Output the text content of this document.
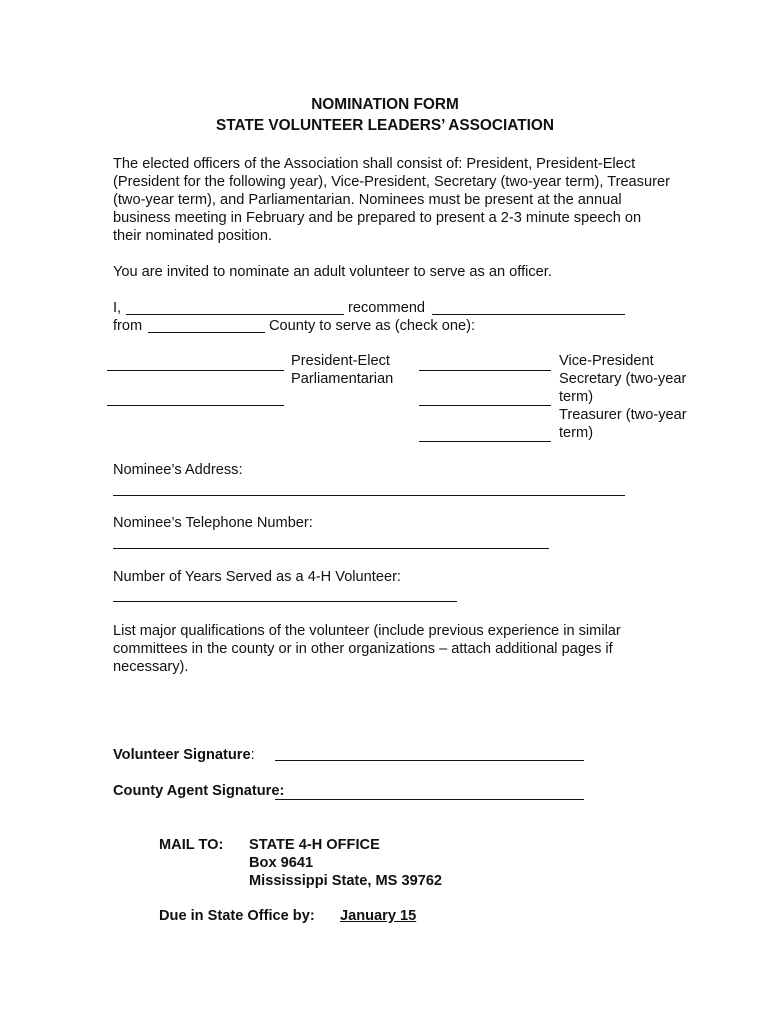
NOMINATION FORM
STATE VOLUNTEER LEADERS’ ASSOCIATION
The elected officers of the Association shall consist of: President, President-Elect (President for the following year), Vice-President, Secretary (two-year term), Treasurer (two-year term), and Parliamentarian. Nominees must be present at the annual business meeting in February and be prepared to present a 2-3 minute speech on their nominated position.
You are invited to nominate an adult volunteer to serve as an officer.
I,	recommend
from	County to serve as (check one):
President-Elect
Parliamentarian
Vice-President
Secretary (two-year term)
Treasurer (two-year term)
Nominee’s Address:
Nominee’s Telephone Number:
Number of Years Served as a 4-H Volunteer:
List major qualifications of the volunteer (include previous experience in similar committees in the county or in other organizations – attach additional pages if necessary).
Volunteer Signature:
County Agent Signature:
MAIL TO: STATE 4-H OFFICE
Box 9641
Mississippi State, MS 39762
Due in State Office by: January 15
